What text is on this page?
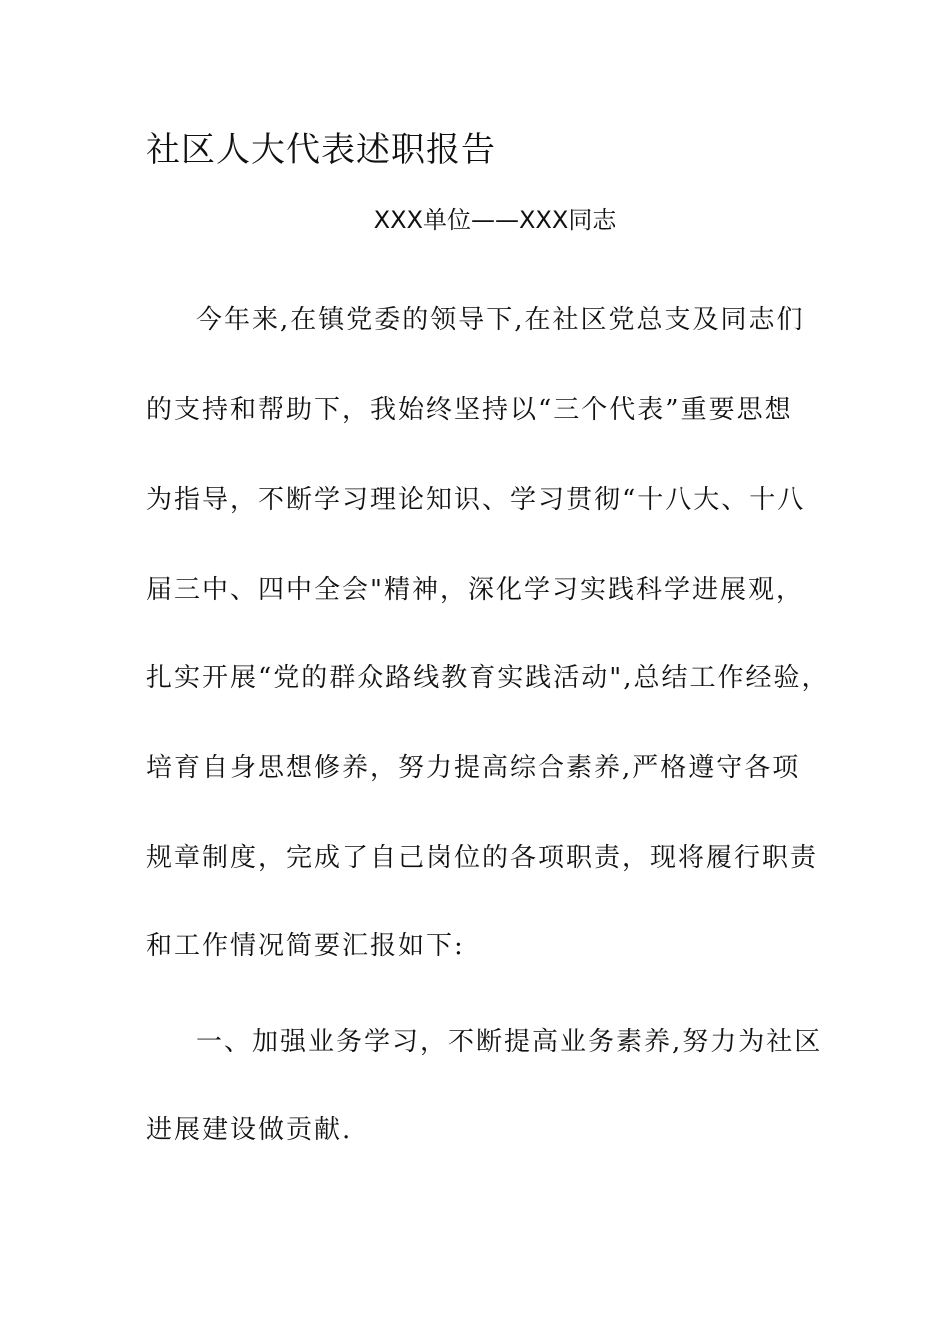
社区人大代表述职报告
XXX单位——XXX同志
今年来,在镇党委的领导下,在社区党总支及同志们
的支持和帮助下，我始终坚持以“三个代表”重要思想
为指导，不断学习理论知识、学习贯彻“十八大、十八
届三中、四中全会"精神，深化学习实践科学进展观，
扎实开展“党的群众路线教育实践活动",总结工作经验，
培育自身思想修养，努力提高综合素养,严格遵守各项
规章制度，完成了自己岗位的各项职责，现将履行职责
和工作情况简要汇报如下:
一、加强业务学习，不断提高业务素养,努力为社区
进展建设做贡献.
